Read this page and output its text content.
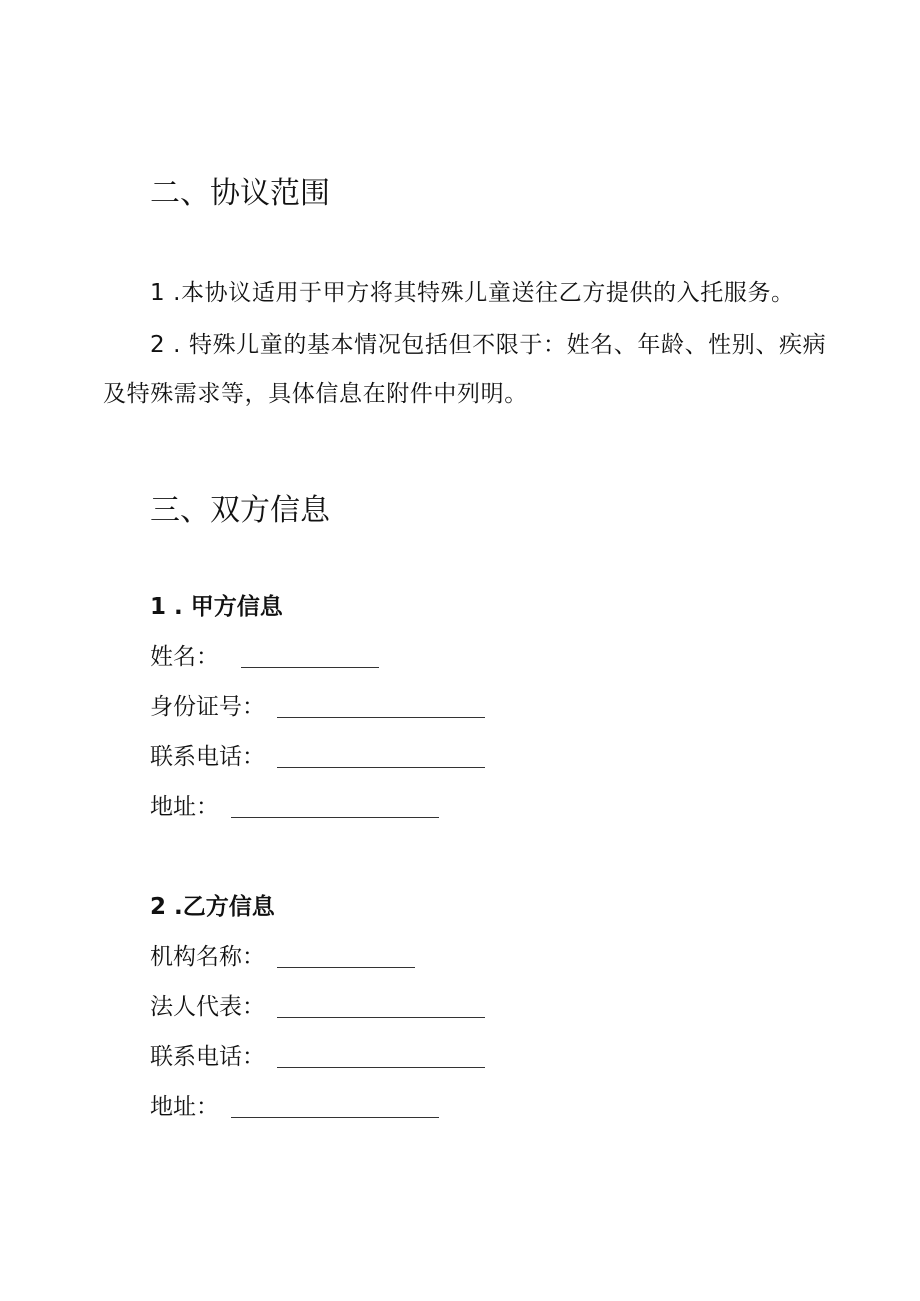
二、协议范围

1 .本协议适用于甲方将其特殊儿童送往乙方提供的入托服务。

2 . 特殊儿童的基本情况包括但不限于：姓名、年龄、性别、疾病

及特殊需求等，具体信息在附件中列明。

三、双方信息

1 . 甲方信息

姓名：
身份证号：
联系电话：
地址：

2 .乙方信息

机构名称：
法人代表：
联系电话：
地址：
